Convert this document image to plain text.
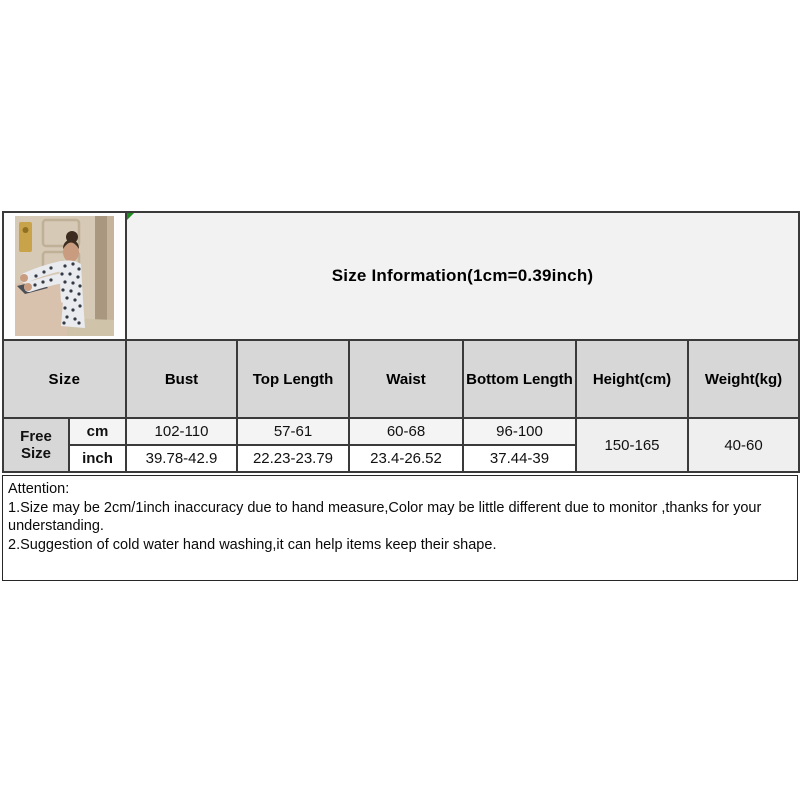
Size Information(1cm=0.39inch)					
Size		Bust	Top Length	Waist	Bottom Length	Height(cm)	Weight(kg)
Free Size	cm	102-110	57-61	60-68	96-100	150-165	40-60
	inch	39.78-42.9	22.23-23.79	23.4-26.52	37.44-39		
Attention:
1.Size may be 2cm/1inch inaccuracy due to hand measure,Color may be little different due to monitor ,thanks for your understanding.
2.Suggestion of cold water hand washing,it can help items keep their shape.
